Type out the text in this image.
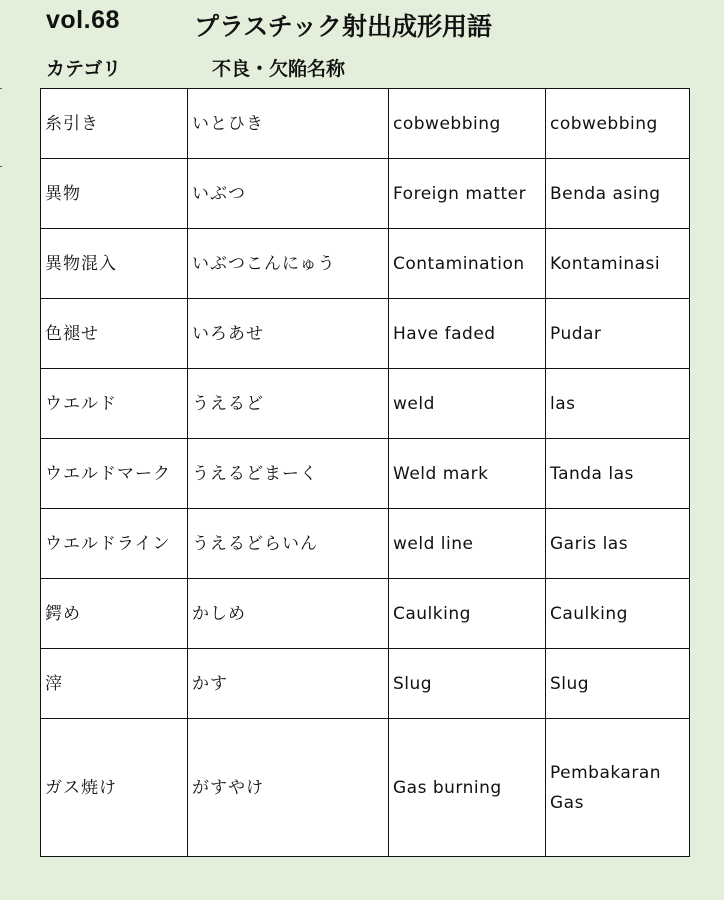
vol.68	プラスチック射出成形用語
カテゴリ	不良・欠陥名称
糸引き	いとひき	cobwebbing	cobwebbing
異物	いぶつ	Foreign matter	Benda asing
異物混入	いぶつこんにゅう	Contamination	Kontaminasi
色褪せ	いろあせ	Have faded	Pudar
ウエルド	うえるど	weld	las
ウエルドマーク	うえるどまーく	Weld mark	Tanda las
ウエルドライン	うえるどらいん	weld line	Garis las
鍔め	かしめ	Caulking	Caulking
滓	かす	Slug	Slug
ガス焼け	がすやけ	Gas burning	Pembakaran Gas
